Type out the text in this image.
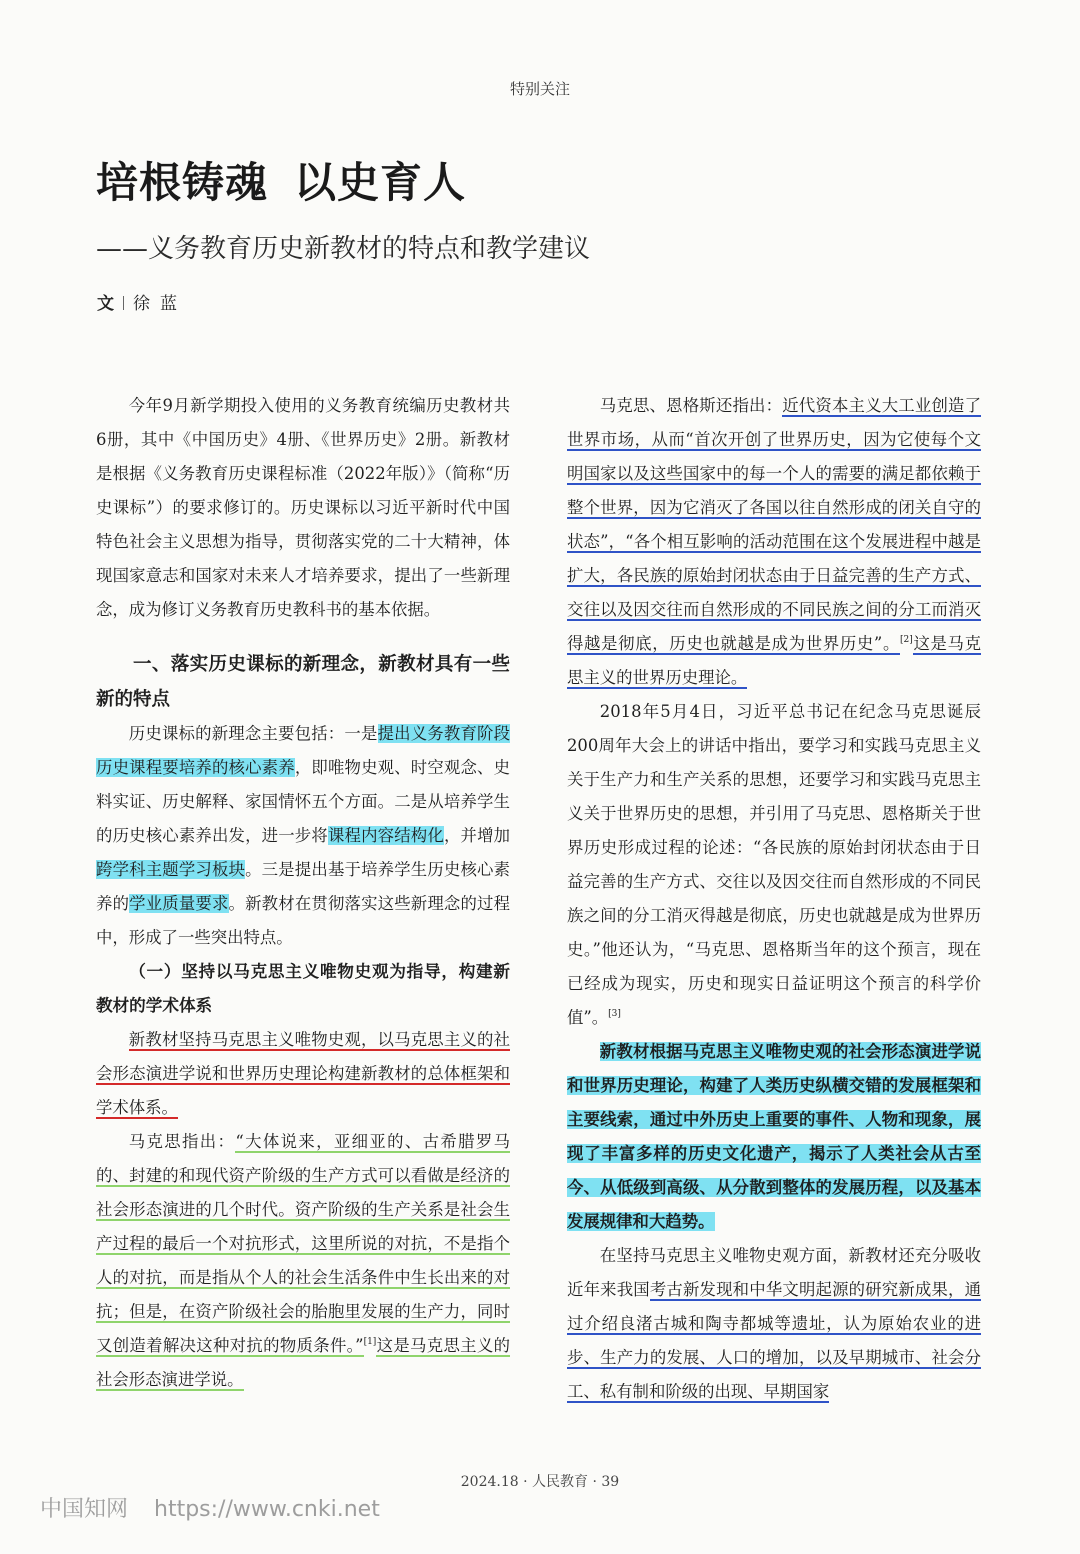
特别关注
培根铸魂 以史育人
——义务教育历史新教材的特点和教学建议
文 徐蓝

今年9月新学期投入使用的义务教育统编历史教材共6册，其中《中国历史》4册、《世界历史》2册。新教材是根据《义务教育历史课程标准（2022年版）》（简称“历史课标”）的要求修订的。历史课标以习近平新时代中国特色社会主义思想为指导，贯彻落实党的二十大精神，体现国家意志和国家对未来人才培养要求，提出了一些新理念，成为修订义务教育历史教科书的基本依据。

一、落实历史课标的新理念，新教材具有一些新的特点

历史课标的新理念主要包括：一是提出义务教育阶段历史课程要培养的核心素养，即唯物史观、时空观念、史料实证、历史解释、家国情怀五个方面。二是从培养学生的历史核心素养出发，进一步将课程内容结构化，并增加跨学科主题学习板块。三是提出基于培养学生历史核心素养的学业质量要求。新教材在贯彻落实这些新理念的过程中，形成了一些突出特点。

（一）坚持以马克思主义唯物史观为指导，构建新教材的学术体系

新教材坚持马克思主义唯物史观，以马克思主义的社会形态演进学说和世界历史理论构建新教材的总体框架和学术体系。

马克思指出：“大体说来，亚细亚的、古希腊罗马的、封建的和现代资产阶级的生产方式可以看做是经济的社会形态演进的几个时代。资产阶级的生产关系是社会生产过程的最后一个对抗形式，这里所说的对抗，不是指个人的对抗，而是指从个人的社会生活条件中生长出来的对抗；但是，在资产阶级社会的胎胞里发展的生产力，同时又创造着解决这种对抗的物质条件。”[1]这是马克思主义的社会形态演进学说。

马克思、恩格斯还指出：近代资本主义大工业创造了世界市场，从而“首次开创了世界历史，因为它使每个文明国家以及这些国家中的每一个人的需要的满足都依赖于整个世界，因为它消灭了各国以往自然形成的闭关自守的状态”，“各个相互影响的活动范围在这个发展进程中越是扩大，各民族的原始封闭状态由于日益完善的生产方式、交往以及因交往而自然形成的不同民族之间的分工而消灭得越是彻底，历史也就越是成为世界历史”。[2]这是马克思主义的世界历史理论。

2018年5月4日，习近平总书记在纪念马克思诞辰200周年大会上的讲话中指出，要学习和实践马克思主义关于生产力和生产关系的思想，还要学习和实践马克思主义关于世界历史的思想，并引用了马克思、恩格斯关于世界历史形成过程的论述：“各民族的原始封闭状态由于日益完善的生产方式、交往以及因交往而自然形成的不同民族之间的分工消灭得越是彻底，历史也就越是成为世界历史。”他还认为，“马克思、恩格斯当年的这个预言，现在已经成为现实，历史和现实日益证明这个预言的科学价值”。[3]

新教材根据马克思主义唯物史观的社会形态演进学说和世界历史理论，构建了人类历史纵横交错的发展框架和主要线索，通过中外历史上重要的事件、人物和现象，展现了丰富多样的历史文化遗产，揭示了人类社会从古至今、从低级到高级、从分散到整体的发展历程，以及基本发展规律和大趋势。

在坚持马克思主义唯物史观方面，新教材还充分吸收近年来我国考古新发现和中华文明起源的研究新成果，通过介绍良渚古城和陶寺都城等遗址，认为原始农业的进步、生产力的发展、人口的增加，以及早期城市、社会分工、私有制和阶级的出现、早期国家

2024.18 · 人民教育 · 39
中国知网 https://www.cnki.net
